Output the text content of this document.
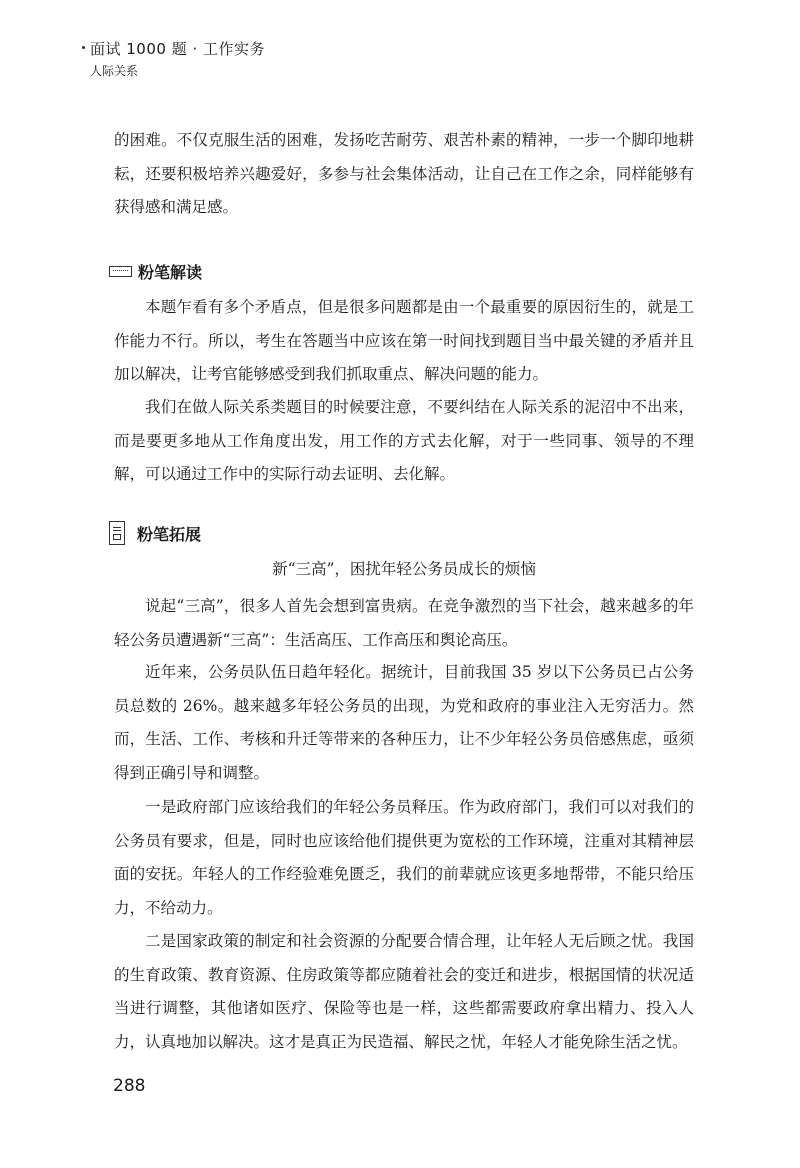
面试 1000 题 · 工作实务
人际关系
的困难。不仅克服生活的困难，发扬吃苦耐劳、艰苦朴素的精神，一步一个脚印地耕耘，还要积极培养兴趣爱好，多参与社会集体活动，让自己在工作之余，同样能够有获得感和满足感。
粉笔解读
本题乍看有多个矛盾点，但是很多问题都是由一个最重要的原因衍生的，就是工作能力不行。所以，考生在答题当中应该在第一时间找到题目当中最关键的矛盾并且加以解决，让考官能够感受到我们抓取重点、解决问题的能力。
我们在做人际关系类题目的时候要注意，不要纠结在人际关系的泥沼中不出来，而是要更多地从工作角度出发，用工作的方式去化解，对于一些同事、领导的不理解，可以通过工作中的实际行动去证明、去化解。
粉笔拓展
新“三高”，困扰年轻公务员成长的烦恼
说起“三高”，很多人首先会想到富贵病。在竞争激烈的当下社会，越来越多的年轻公务员遭遇新“三高”：生活高压、工作高压和舆论高压。
近年来，公务员队伍日趋年轻化。据统计，目前我国 35 岁以下公务员已占公务员总数的 26%。越来越多年轻公务员的出现，为党和政府的事业注入无穷活力。然而，生活、工作、考核和升迁等带来的各种压力，让不少年轻公务员倍感焦虑，亟须得到正确引导和调整。
一是政府部门应该给我们的年轻公务员释压。作为政府部门，我们可以对我们的公务员有要求，但是，同时也应该给他们提供更为宽松的工作环境，注重对其精神层面的安抚。年轻人的工作经验难免匮乏，我们的前辈就应该更多地帮带，不能只给压力，不给动力。
二是国家政策的制定和社会资源的分配要合情合理，让年轻人无后顾之忧。我国的生育政策、教育资源、住房政策等都应随着社会的变迁和进步，根据国情的状况适当进行调整，其他诸如医疗、保险等也是一样，这些都需要政府拿出精力、投入人力，认真地加以解决。这才是真正为民造福、解民之忧，年轻人才能免除生活之忧。
288
